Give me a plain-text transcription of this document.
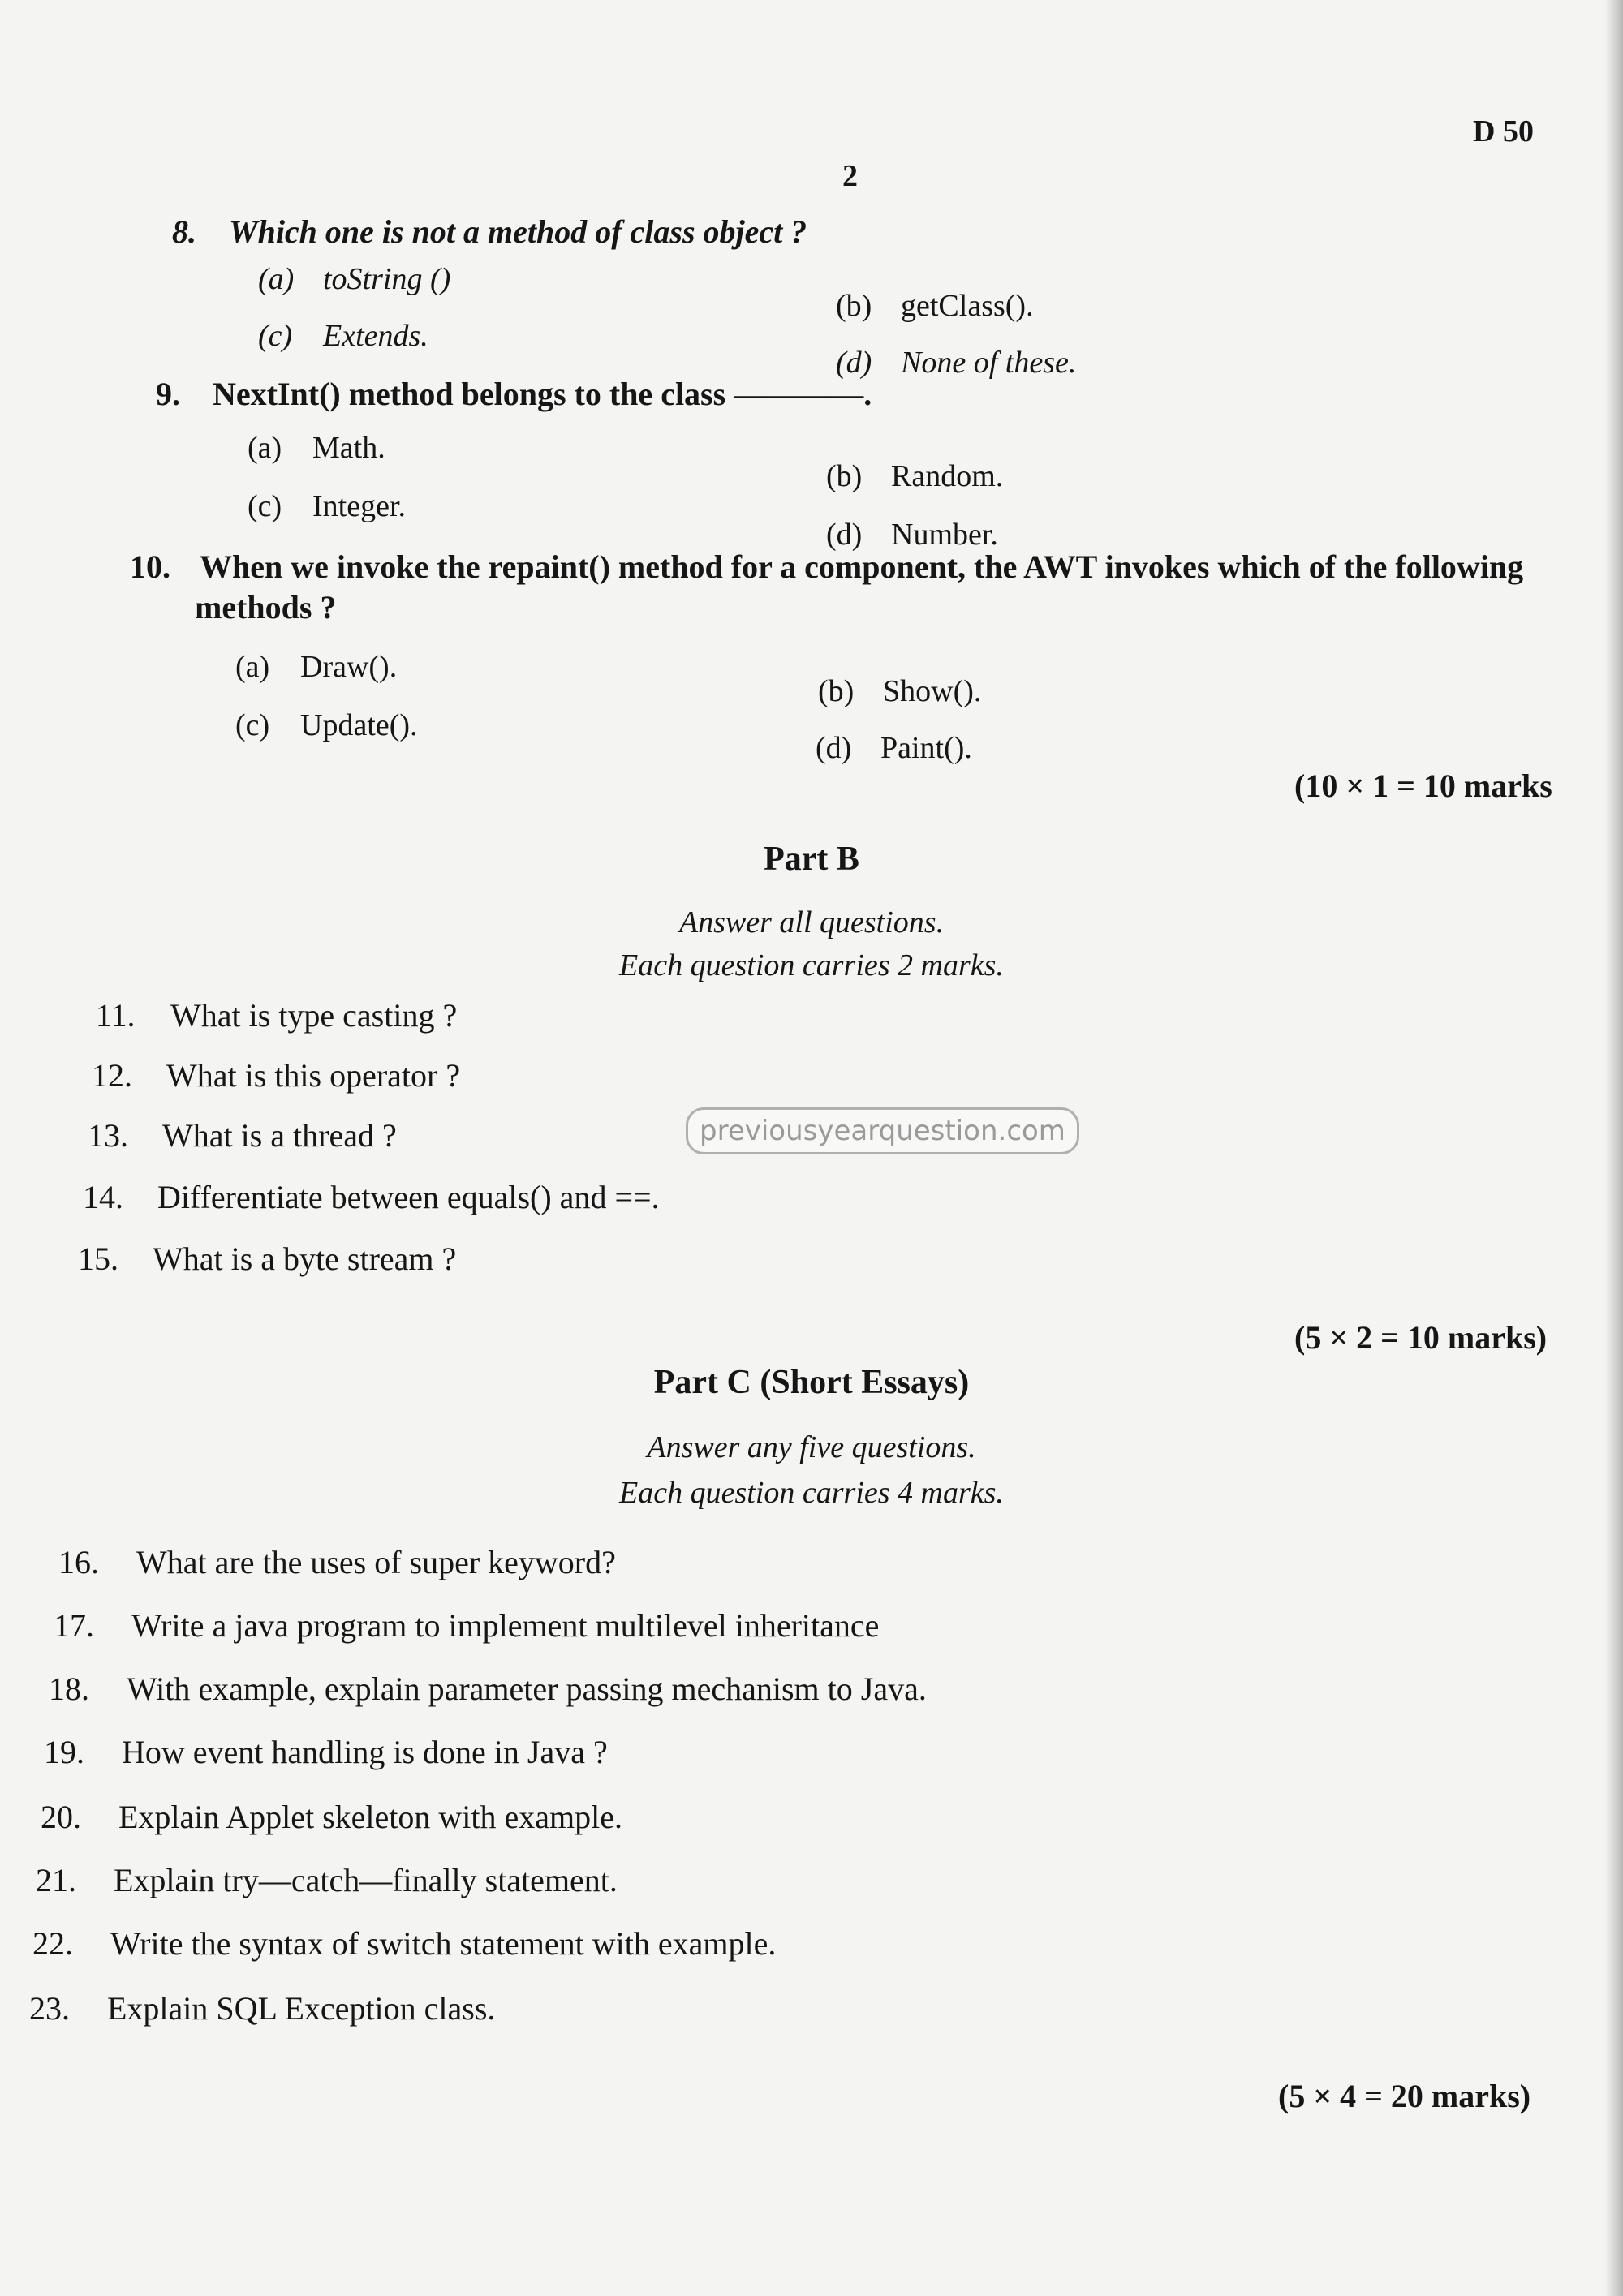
D 50
2
8. Which one is not a method of class object ?
(a) toString ()
(b) getClass().
(c) Extends.
(d) None of these.
9. NextInt() method belongs to the class ————.
(a) Math.
(b) Random.
(c) Integer.
(d) Number.
10. When we invoke the repaint() method for a component, the AWT invokes which of the following
methods ?
(a) Draw().
(b) Show().
(c) Update().
(d) Paint().
(10 × 1 = 10 marks
Part B
Answer all questions.
Each question carries 2 marks.
11. What is type casting ?
12. What is this operator ?
13. What is a thread ?
14. Differentiate between equals() and ==.
15. What is a byte stream ?
previousyearquestion.com
(5 × 2 = 10 marks)
Part C (Short Essays)
Answer any five questions.
Each question carries 4 marks.
16. What are the uses of super keyword?
17. Write a java program to implement multilevel inheritance
18. With example, explain parameter passing mechanism to Java.
19. How event handling is done in Java ?
20. Explain Applet skeleton with example.
21. Explain try—catch—finally statement.
22. Write the syntax of switch statement with example.
23. Explain SQL Exception class.
(5 × 4 = 20 marks)
